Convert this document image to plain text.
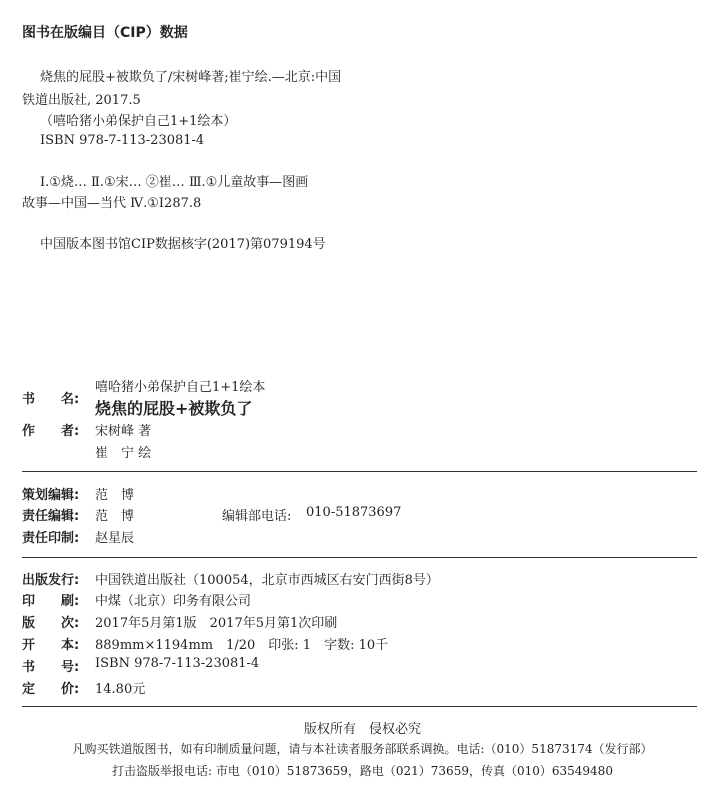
图书在版编目（CIP）数据
烧焦的屁股+被欺负了/宋树峰著;崔宁绘.—北京:中国
铁道出版社, 2017.5
（嘻哈猪小弟保护自己1+1绘本）
ISBN 978-7-113-23081-4
Ⅰ.①烧… Ⅱ.①宋… ②崔… Ⅲ.①儿童故事—图画
故事—中国—当代 Ⅳ.①I287.8
中国版本图书馆CIP数据核字(2017)第079194号
书　　名:
嘻哈猪小弟保护自己1+1绘本
烧焦的屁股+被欺负了
作　　者: 宋树峰 著
崔　宁 绘
策划编辑: 范　博
责任编辑: 范　博	编辑部电话: 010-51873697
责任印制: 赵星辰
出版发行: 中国铁道出版社（100054，北京市西城区右安门西街8号）
印　　刷: 中煤（北京）印务有限公司
版　　次: 2017年5月第1版　2017年5月第1次印刷
开　　本: 889mm×1194mm　1/20　印张: 1　字数: 10千
书　　号: ISBN 978-7-113-23081-4
定　　价: 14.80元
版权所有　侵权必究
凡购买铁道版图书，如有印制质量问题，请与本社读者服务部联系调换。电话:（010）51873174（发行部）
打击盗版举报电话: 市电（010）51873659，路电（021）73659，传真（010）63549480
